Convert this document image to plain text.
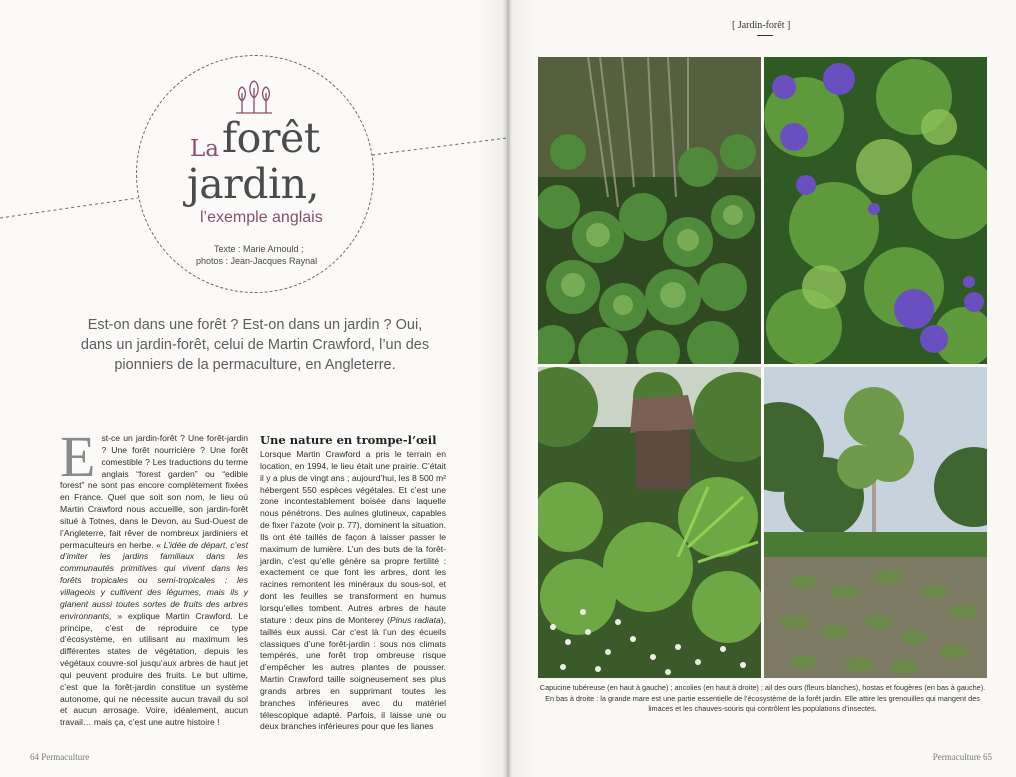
La forêt
jardin,
l’exemple anglais
Texte : Marie Arnould ;
photos : Jean-Jacques Raynal
Est-on dans une forêt ? Est-on dans un jardin ? Oui, dans un jardin-forêt, celui de Martin Crawford, l’un des pionniers de la permaculture, en Angleterre.
E st-ce un jardin-forêt ? Une forêt-jardin ? Une forêt nourricière ? Une forêt comestible ? Les traductions du terme anglais “forest garden” ou “edible forest” ne sont pas encore complètement fixées en France. Quel que soit son nom, le lieu où Martin Crawford nous accueille, son jardin-forêt situé à Totnes, dans le Devon, au Sud-Ouest de l’Angleterre, fait rêver de nombreux jardiniers et permaculteurs en herbe. « L’idée de départ, c’est d’imiter les jardins familiaux dans les communautés primitives qui vivent dans les forêts tropicales ou semi-tropicales : les villageois y cultivent des légumes, mais ils y glanent aussi toutes sortes de fruits des arbres environnants, » explique Martin Crawford. Le principe, c’est de reproduire ce type d’écosystème, en utilisant au maximum les différentes states de végétation, depuis les végétaux couvre-sol jusqu’aux arbres de haut jet qui peuvent produire des fruits. Le but ultime, c’est que la forêt-jardin constitue un système autonome, qui ne nécessite aucun travail du sol et aucun arrosage. Voire, idéalement, aucun travail… mais ça, c’est une autre histoire !

Une nature en trompe-l’œil

Lorsque Martin Crawford a pris le terrain en location, en 1994, le lieu était une prairie. C’était il y a plus de vingt ans ; aujourd’hui, les 8 500 m² hébergent 550 espèces végétales. Et c’est une zone incontestablement boisée dans laquelle nous pénétrons. Des aulnes glutineux, capables de fixer l’azote (voir p. 77), dominent la situation. Ils ont été taillés de façon à laisser passer le maximum de lumière. L’un des buts de la forêt-jardin, c’est qu’elle génère sa propre fertilité : exactement ce que font les arbres, dont les racines remontent les minéraux du sous-sol, et dont les feuilles se transforment en humus lorsqu’elles tombent. Autres arbres de haute stature : deux pins de Monterey (Pinus radiata), taillés eux aussi. Car c’est là l’un des écueils classiques d’une forêt-jardin : sous nos climats tempérés, une forêt trop ombreuse risque d’empêcher les autres plantes de pousser. Martin Crawford taille soigneusement ses plus grands arbres en supprimant toutes les branches inférieures avec du matériel télescopique adapté. Parfois, il laisse une ou deux branches inférieures pour que les lianes

64 Permaculture
[ Jardin-forêt ]
Capucine tubéreuse (en haut à gauche) ; ancolies (en haut à droite) ; ail des ours (fleurs blanches), hostas et fougères (en bas à gauche). En bas à droite : la grande mare est une partie essentielle de l’écosystème de la forêt jardin. Elle attire les grenouilles qui mangent des limaces et les chauves-souris qui contrôlent les populations d’insectes.
Permaculture 65
